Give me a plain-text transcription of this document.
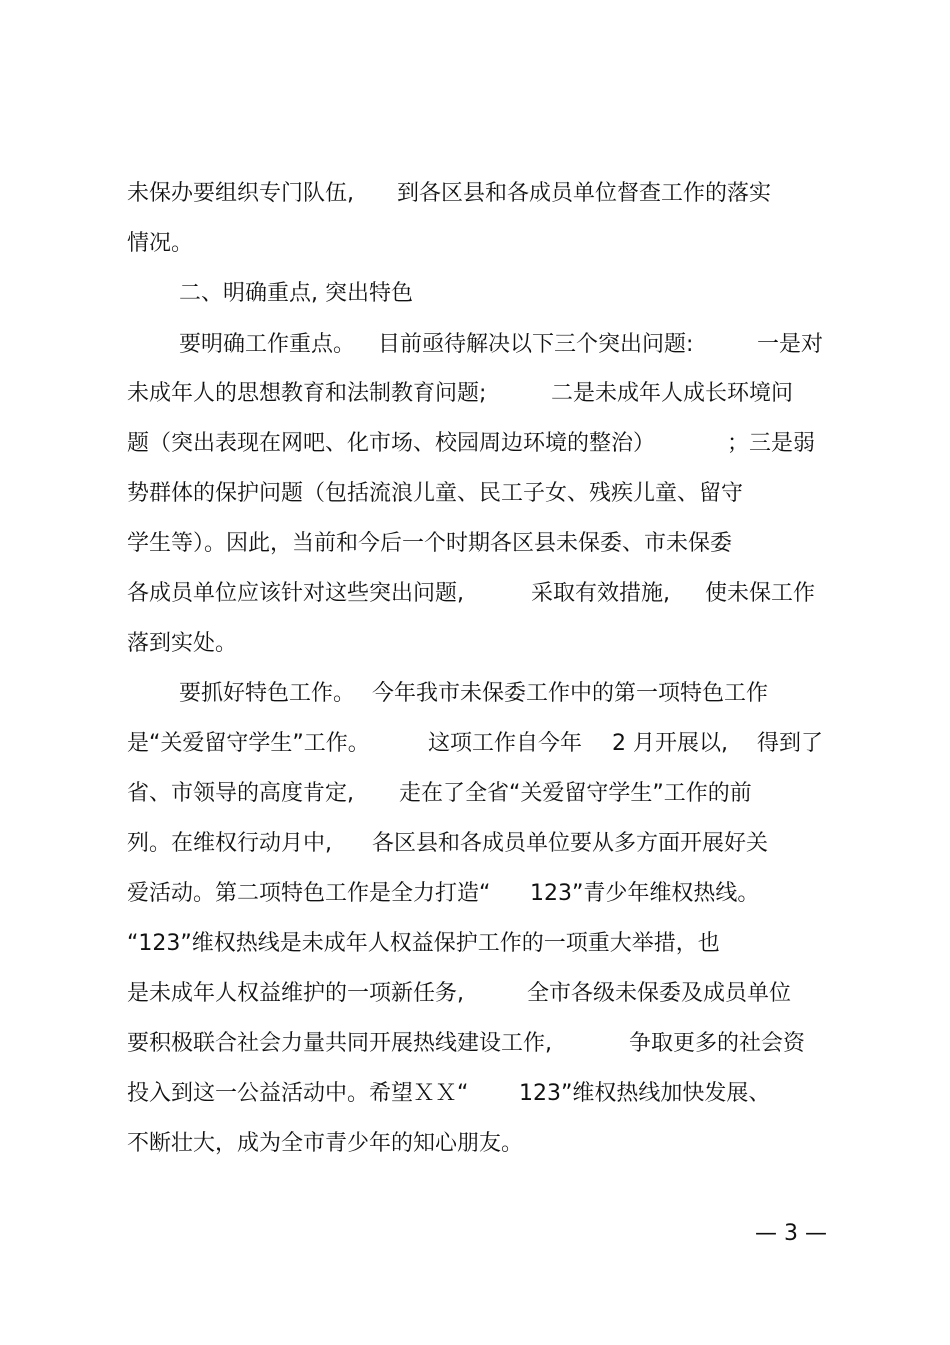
未保办要组织专门队伍, 到各区县和各成员单位督查工作的落实
情况。
二、明确重点, 突出特色
要明确工作重点。 目前亟待解决以下三个突出问题:	一是对
未成年人的思想教育和法制教育问题;	二是未成年人成长环境问
题（突出表现在网吧、化市场、校园周边环境的整治）	；三是弱
势群体的保护问题（包括流浪儿童、民工子女、残疾儿童、留守
学生等）。因此，当前和今后一个时期各区县未保委、市未保委
各成员单位应该针对这些突出问题,	采取有效措施, 使未保工作
落到实处。
要抓好特色工作。 今年我市未保委工作中的第一项特色工作
是“关爱留守学生”工作。	这项工作自今年 2 月开展以, 得到了
省、市领导的高度肯定, 走在了全省“关爱留守学生”工作的前
列。在维权行动月中, 各区县和各成员单位要从多方面开展好关
爱活动。第二项特色工作是全力打造“ 123”青少年维权热线。
“123”维权热线是未成年人权益保护工作的一项重大举措，也
是未成年人权益维护的一项新任务,	全市各级未保委及成员单位
要积极联合社会力量共同开展热线建设工作,	争取更多的社会资
投入到这一公益活动中。希望ＸＸ“ 123”维权热线加快发展、
不断壮大，成为全市青少年的知心朋友。
— 3 —
